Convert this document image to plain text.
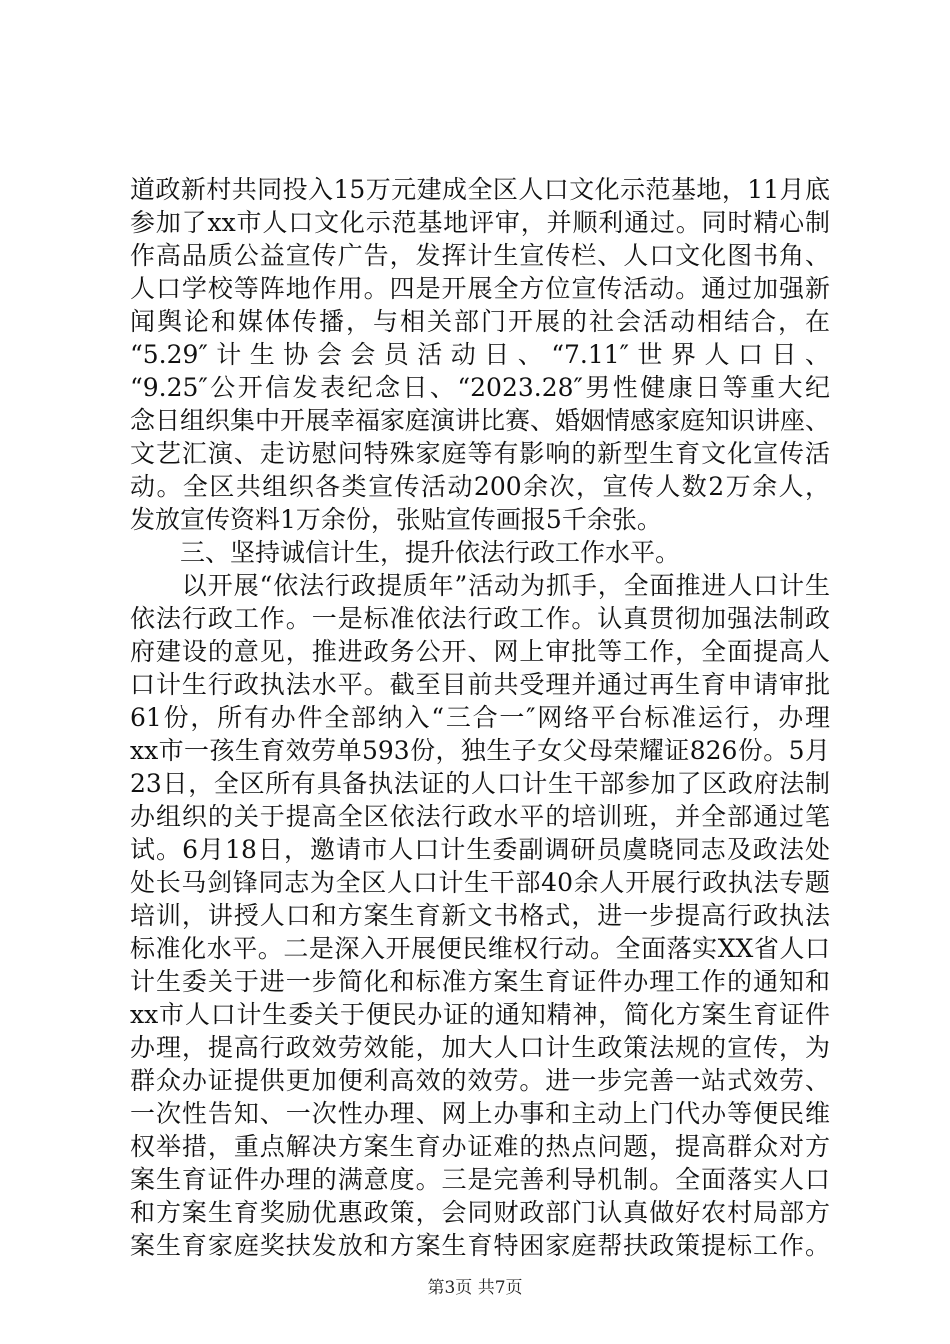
道政新村共同投入15万元建成全区人口文化示范基地，11月底
参加了xx市人口文化示范基地评审，并顺利通过。同时精心制
作高品质公益宣传广告，发挥计生宣传栏、人口文化图书角、
人口学校等阵地作用。四是开展全方位宣传活动。通过加强新
闻舆论和媒体传播，与相关部门开展的社会活动相结合，在
“5.29″计生协会会员活动日、“7.11″世界人口日、
“9.25″公开信发表纪念日、“2023.28″男性健康日等重大纪
念日组织集中开展幸福家庭演讲比赛、婚姻情感家庭知识讲座、
文艺汇演、走访慰问特殊家庭等有影响的新型生育文化宣传活
动。全区共组织各类宣传活动200余次，宣传人数2万余人，
发放宣传资料1万余份，张贴宣传画报5千余张。
　　三、坚持诚信计生，提升依法行政工作水平。
　　以开展“依法行政提质年”活动为抓手，全面推进人口计生
依法行政工作。一是标准依法行政工作。认真贯彻加强法制政
府建设的意见，推进政务公开、网上审批等工作，全面提高人
口计生行政执法水平。截至目前共受理并通过再生育申请审批
61份，所有办件全部纳入“三合一″网络平台标准运行，办理
xx市一孩生育效劳单593份，独生子女父母荣耀证826份。5月
23日，全区所有具备执法证的人口计生干部参加了区政府法制
办组织的关于提高全区依法行政水平的培训班，并全部通过笔
试。6月18日，邀请市人口计生委副调研员虞晓同志及政法处
处长马剑锋同志为全区人口计生干部40余人开展行政执法专题
培训，讲授人口和方案生育新文书格式，进一步提高行政执法
标准化水平。二是深入开展便民维权行动。全面落实XX省人口
计生委关于进一步简化和标准方案生育证件办理工作的通知和
xx市人口计生委关于便民办证的通知精神，简化方案生育证件
办理，提高行政效劳效能，加大人口计生政策法规的宣传，为
群众办证提供更加便利高效的效劳。进一步完善一站式效劳、
一次性告知、一次性办理、网上办事和主动上门代办等便民维
权举措，重点解决方案生育办证难的热点问题，提高群众对方
案生育证件办理的满意度。三是完善利导机制。全面落实人口
和方案生育奖励优惠政策，会同财政部门认真做好农村局部方
案生育家庭奖扶发放和方案生育特困家庭帮扶政策提标工作。
第3页 共7页
